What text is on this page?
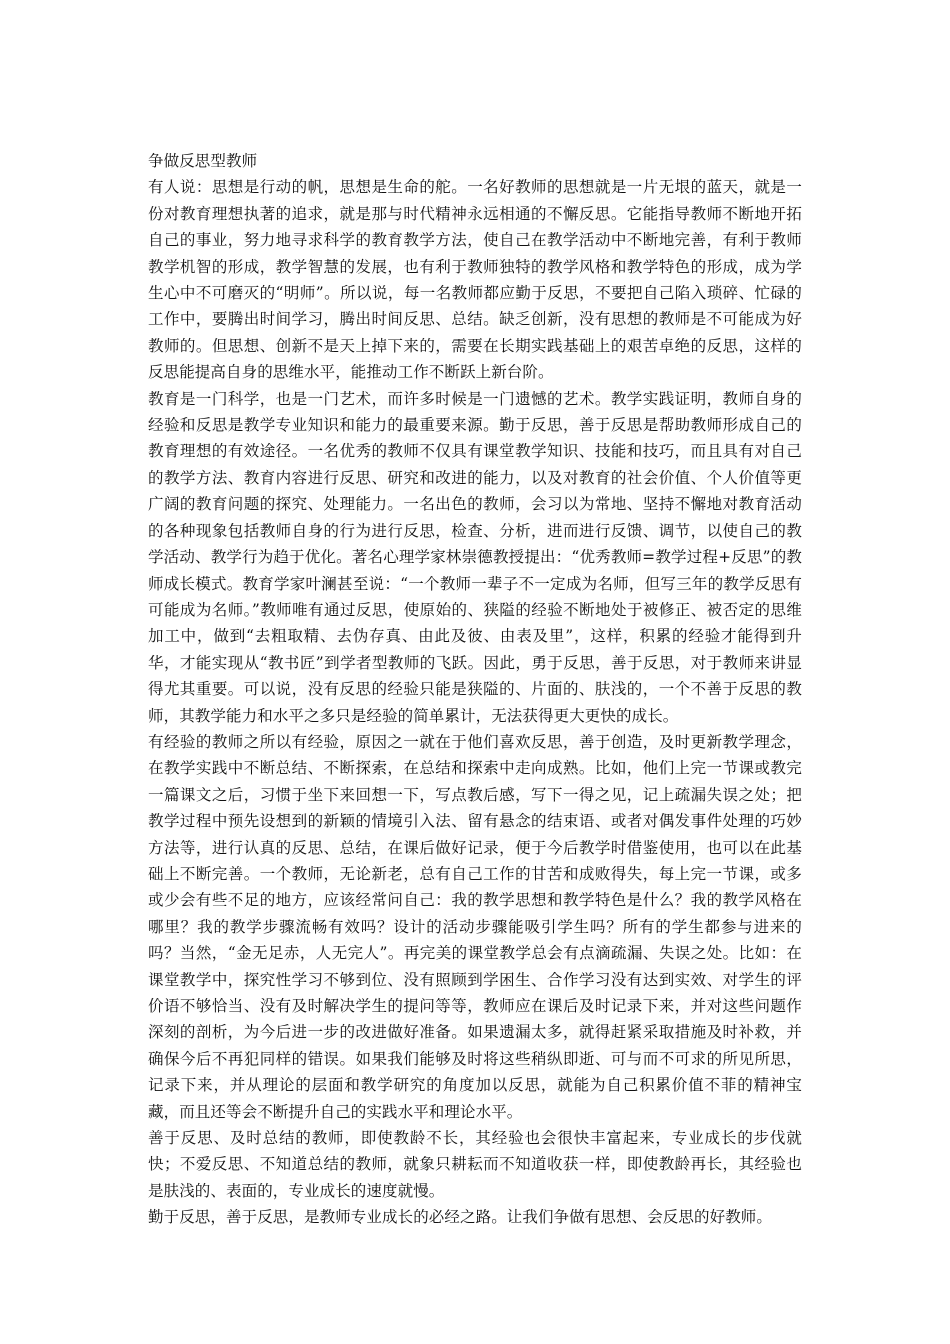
争做反思型教师

有人说：思想是行动的帆，思想是生命的舵。一名好教师的思想就是一片无垠的蓝天，就是一份对教育理想执著的追求，就是那与时代精神永远相通的不懈反思。它能指导教师不断地开拓自己的事业，努力地寻求科学的教育教学方法，使自己在教学活动中不断地完善，有利于教师教学机智的形成，教学智慧的发展，也有利于教师独特的教学风格和教学特色的形成，成为学生心中不可磨灭的“明师”。所以说，每一名教师都应勤于反思，不要把自己陷入琐碎、忙碌的工作中，要腾出时间学习，腾出时间反思、总结。缺乏创新，没有思想的教师是不可能成为好教师的。但思想、创新不是天上掉下来的，需要在长期实践基础上的艰苦卓绝的反思，这样的反思能提高自身的思维水平，能推动工作不断跃上新台阶。

教育是一门科学，也是一门艺术，而许多时候是一门遗憾的艺术。教学实践证明，教师自身的经验和反思是教学专业知识和能力的最重要来源。勤于反思，善于反思是帮助教师形成自己的教育理想的有效途径。一名优秀的教师不仅具有课堂教学知识、技能和技巧，而且具有对自己的教学方法、教育内容进行反思、研究和改进的能力，以及对教育的社会价值、个人价值等更广阔的教育问题的探究、处理能力。一名出色的教师，会习以为常地、坚持不懈地对教育活动的各种现象包括教师自身的行为进行反思，检查、分析，进而进行反馈、调节，以使自己的教学活动、教学行为趋于优化。著名心理学家林崇德教授提出：“优秀教师=教学过程+反思”的教师成长模式。教育学家叶澜甚至说：“一个教师一辈子不一定成为名师，但写三年的教学反思有可能成为名师。”教师唯有通过反思，使原始的、狭隘的经验不断地处于被修正、被否定的思维加工中，做到“去粗取精、去伪存真、由此及彼、由表及里”，这样，积累的经验才能得到升华，才能实现从“教书匠”到学者型教师的飞跃。因此，勇于反思，善于反思，对于教师来讲显得尤其重要。可以说，没有反思的经验只能是狭隘的、片面的、肤浅的，一个不善于反思的教师，其教学能力和水平之多只是经验的简单累计，无法获得更大更快的成长。

有经验的教师之所以有经验，原因之一就在于他们喜欢反思，善于创造，及时更新教学理念，在教学实践中不断总结、不断探索，在总结和探索中走向成熟。比如，他们上完一节课或教完一篇课文之后，习惯于坐下来回想一下，写点教后感，写下一得之见，记上疏漏失误之处；把教学过程中预先设想到的新颖的情境引入法、留有悬念的结束语、或者对偶发事件处理的巧妙方法等，进行认真的反思、总结，在课后做好记录，便于今后教学时借鉴使用，也可以在此基础上不断完善。一个教师，无论新老，总有自己工作的甘苦和成败得失，每上完一节课，或多或少会有些不足的地方，应该经常问自己：我的教学思想和教学特色是什么？我的教学风格在哪里？我的教学步骤流畅有效吗？设计的活动步骤能吸引学生吗？所有的学生都参与进来的吗？当然，“金无足赤，人无完人”。再完美的课堂教学总会有点滴疏漏、失误之处。比如：在课堂教学中，探究性学习不够到位、没有照顾到学困生、合作学习没有达到实效、对学生的评价语不够恰当、没有及时解决学生的提问等等，教师应在课后及时记录下来，并对这些问题作深刻的剖析，为今后进一步的改进做好准备。如果遗漏太多，就得赶紧采取措施及时补救，并确保今后不再犯同样的错误。如果我们能够及时将这些稍纵即逝、可与而不可求的所见所思，记录下来，并从理论的层面和教学研究的角度加以反思，就能为自己积累价值不菲的精神宝藏，而且还等会不断提升自己的实践水平和理论水平。

善于反思、及时总结的教师，即使教龄不长，其经验也会很快丰富起来，专业成长的步伐就快；不爱反思、不知道总结的教师，就象只耕耘而不知道收获一样，即使教龄再长，其经验也是肤浅的、表面的，专业成长的速度就慢。

勤于反思，善于反思，是教师专业成长的必经之路。让我们争做有思想、会反思的好教师。
